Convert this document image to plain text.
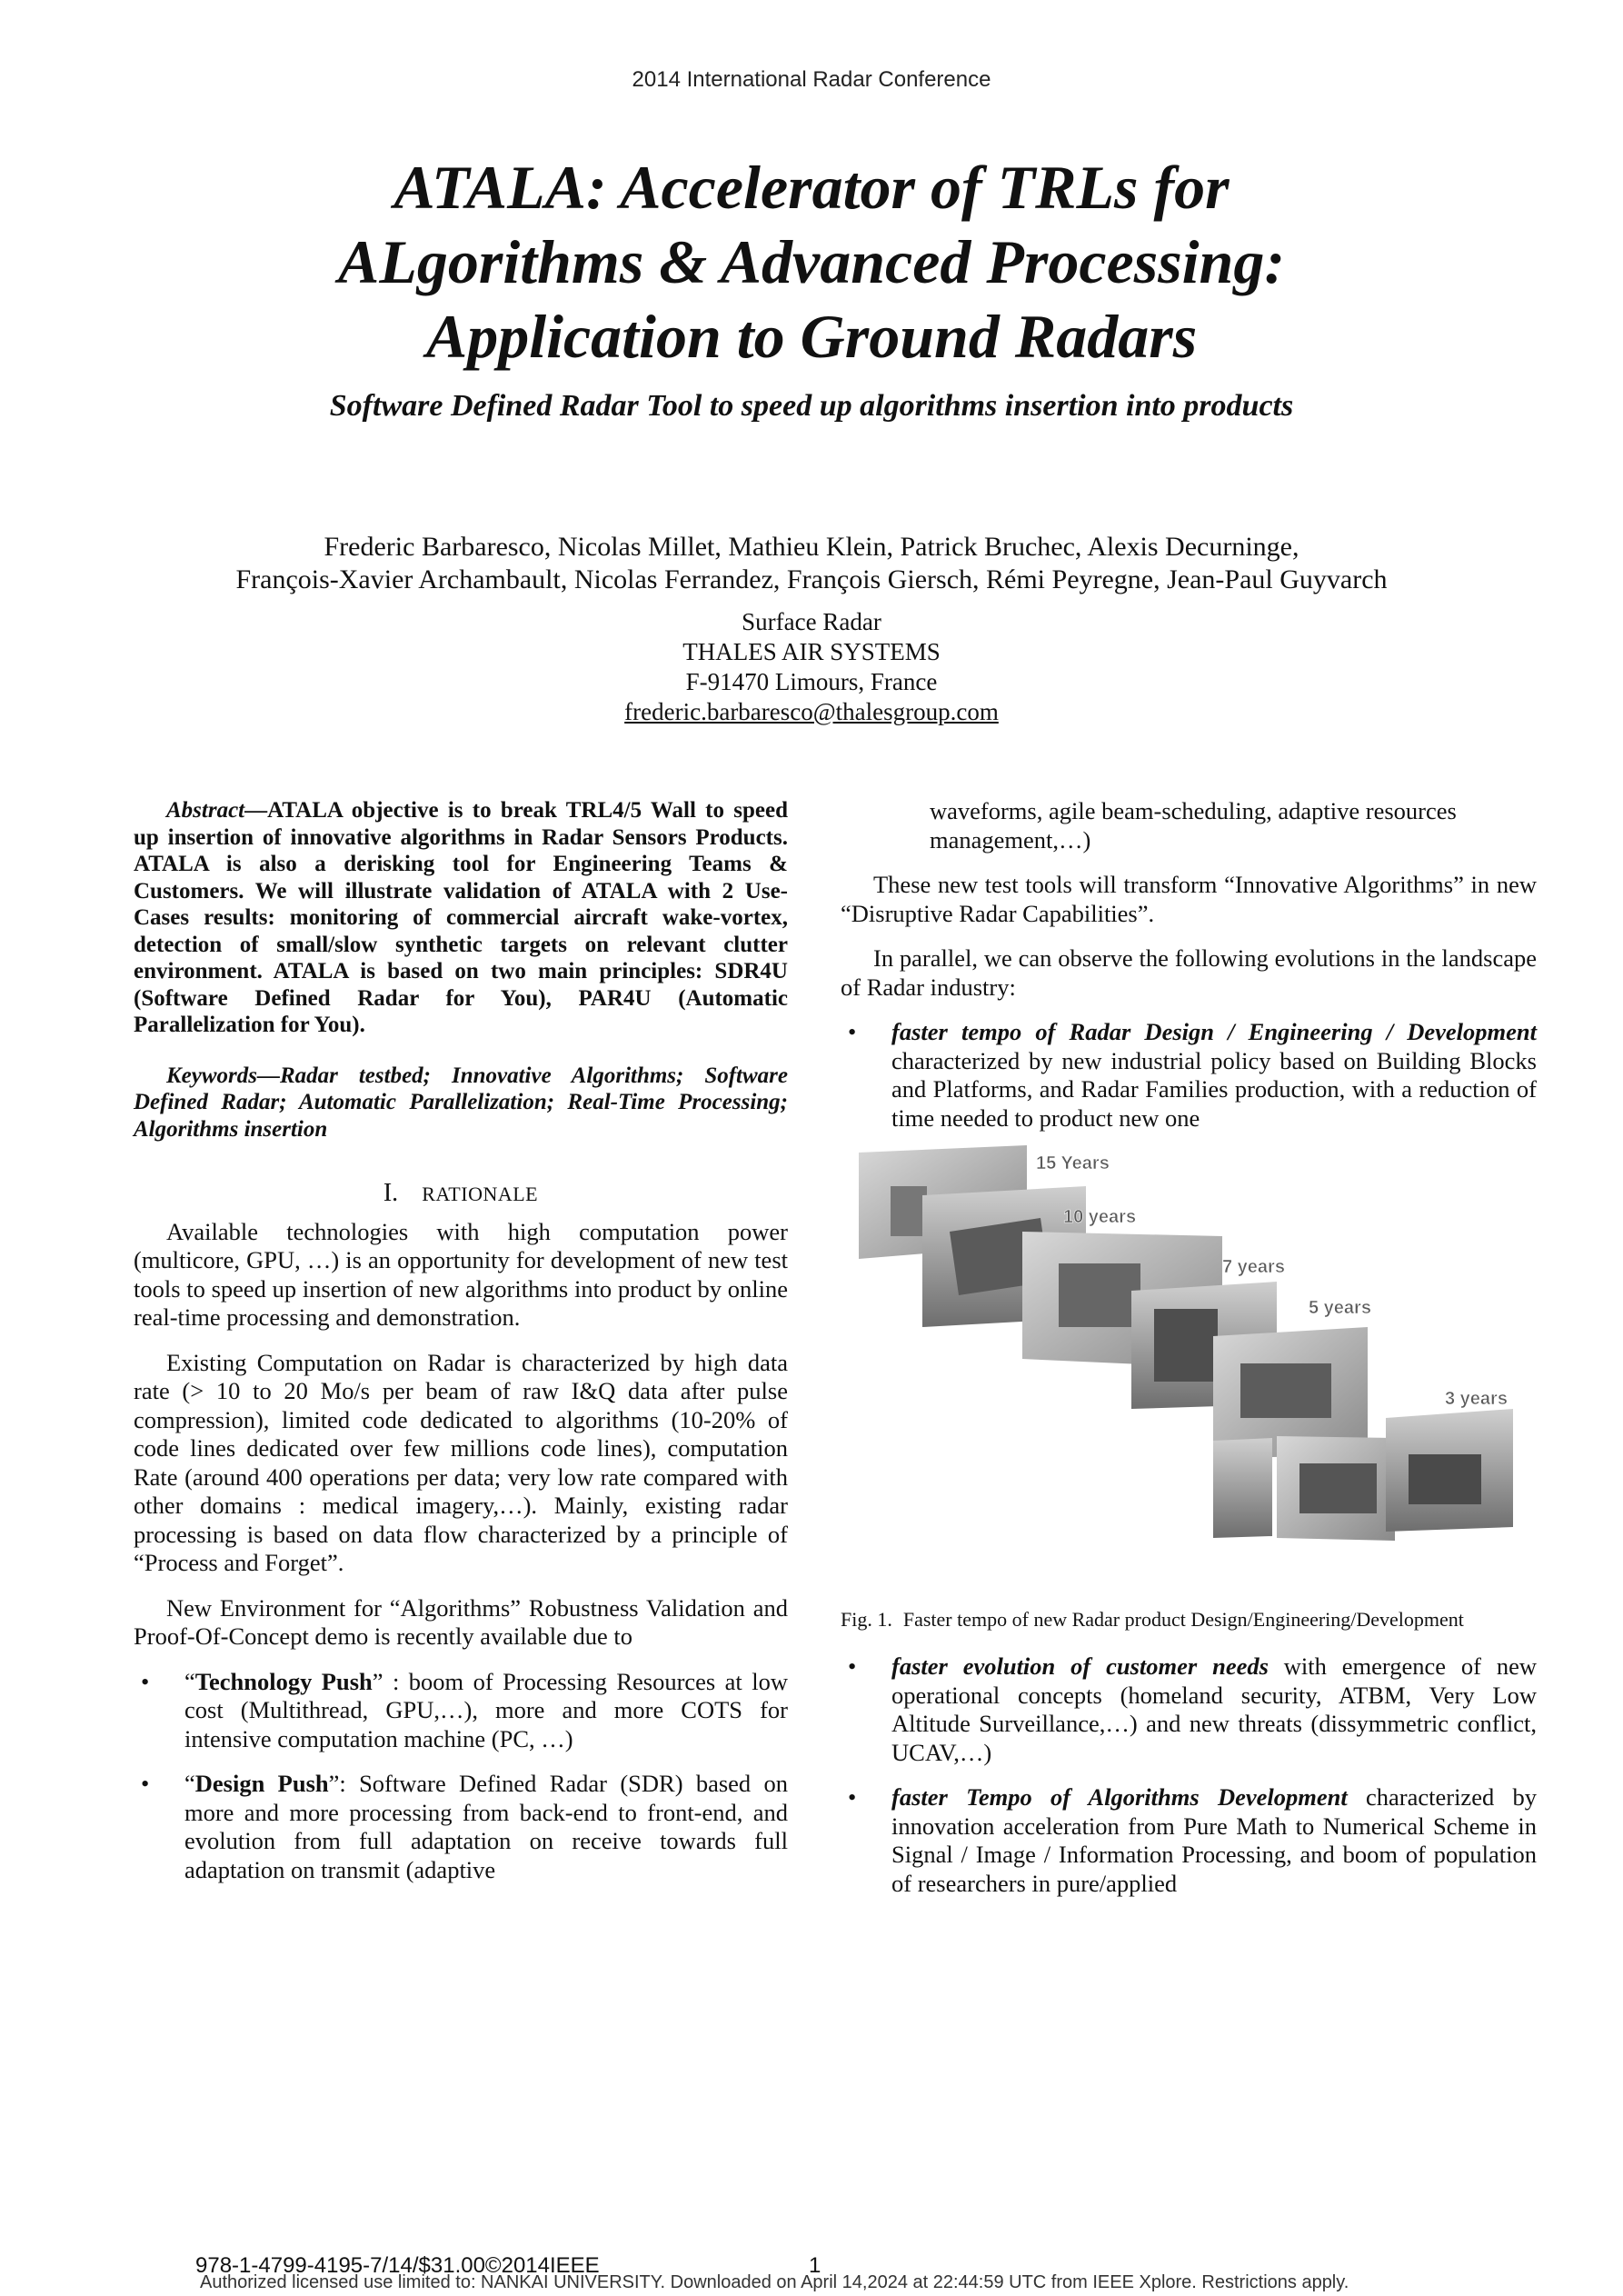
2014 International Radar Conference
ATALA: Accelerator of TRLs for
ALgorithms & Advanced Processing:
Application to Ground Radars
Software Defined Radar Tool to speed up algorithms insertion into products
Frederic Barbaresco, Nicolas Millet, Mathieu Klein, Patrick Bruchec, Alexis Decurninge,
François-Xavier Archambault, Nicolas Ferrandez, François Giersch, Rémi Peyregne, Jean-Paul Guyvarch
Surface Radar
THALES AIR SYSTEMS
F-91470 Limours, France
frederic.barbaresco@thalesgroup.com

Abstract—ATALA objective is to break TRL4/5 Wall to speed up insertion of innovative algorithms in Radar Sensors Products. ATALA is also a derisking tool for Engineering Teams & Customers. We will illustrate validation of ATALA with 2 Use-Cases results: monitoring of commercial aircraft wake-vortex, detection of small/slow synthetic targets on relevant clutter environment. ATALA is based on two main principles: SDR4U (Software Defined Radar for You), PAR4U (Automatic Parallelization for You).

Keywords—Radar testbed; Innovative Algorithms; Software Defined Radar; Automatic Parallelization; Real-Time Processing; Algorithms insertion

I. RATIONALE

Available technologies with high computation power (multicore, GPU, …) is an opportunity for development of new test tools to speed up insertion of new algorithms into product by online real-time processing and demonstration.

Existing Computation on Radar is characterized by high data rate (> 10 to 20 Mo/s per beam of raw I&Q data after pulse compression), limited code dedicated to algorithms (10-20% of code lines dedicated over few millions code lines), computation Rate (around 400 operations per data; very low rate compared with other domains : medical imagery,…). Mainly, existing radar processing is based on data flow characterized by a principle of “Process and Forget”.

New Environment for “Algorithms” Robustness Validation and Proof-Of-Concept demo is recently available due to

• “Technology Push” : boom of Processing Resources at low cost (Multithread, GPU,…), more and more COTS for intensive computation machine (PC, …)
• “Design Push”: Software Defined Radar (SDR) based on more and more processing from back-end to front-end, and evolution from full adaptation on receive towards full adaptation on transmit (adaptive

waveforms, agile beam-scheduling, adaptive resources management,…)

These new test tools will transform “Innovative Algorithms” in new “Disruptive Radar Capabilities”.

In parallel, we can observe the following evolutions in the landscape of Radar industry:

• faster tempo of Radar Design / Engineering / Development characterized by new industrial policy based on Building Blocks and Platforms, and Radar Families production, with a reduction of time needed to product new one
15 Years
10 years
7 years
5 years
3 years
Fig. 1. Faster tempo of new Radar product Design/Engineering/Development
• faster evolution of customer needs with emergence of new operational concepts (homeland security, ATBM, Very Low Altitude Surveillance,…) and new threats (dissymmetric conflict, UCAV,…)
• faster Tempo of Algorithms Development characterized by innovation acceleration from Pure Math to Numerical Scheme in Signal / Image / Information Processing, and boom of population of researchers in pure/applied
978-1-4799-4195-7/14/$31.00©2014IEEE	1
Authorized licensed use limited to: NANKAI UNIVERSITY. Downloaded on April 14,2024 at 22:44:59 UTC from IEEE Xplore. Restrictions apply.
